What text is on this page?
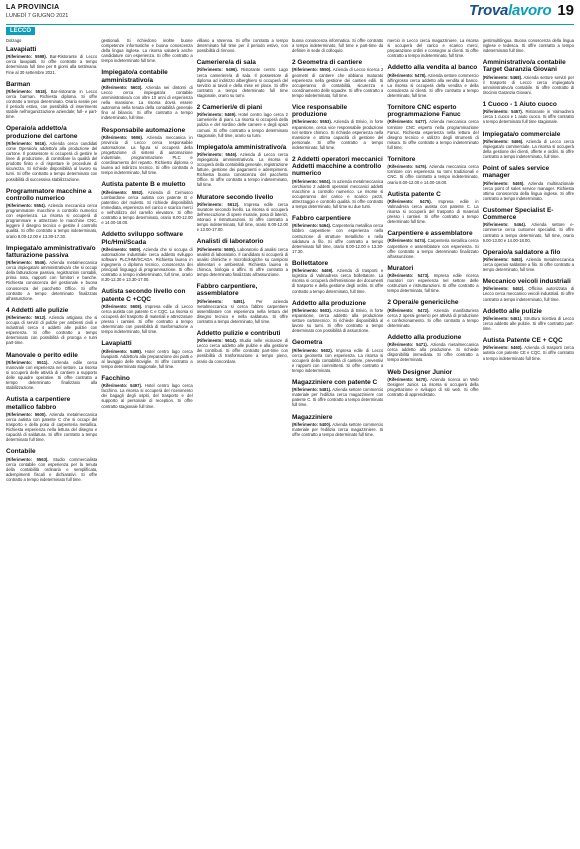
LA PROVINCIA
LUNEDÌ 7 GIUGNO 2021	Trovalavoro 19
LECCO
Dolzago
Lavapiatti
(Riferimento: 5598). Bar-Ristorante di Lecco cerca lavapiatti. Si offre contratto a tempo determinato full time per 8 giorni alla settimana. Fine al 30 settembre 2021.
Barman
(Riferimento: 5518). Bar-ristorante in Lecco cerca barman. Richiesta diploma. Si offre contratto a tempo determinato. Orario serale per il periodo estivo, con possibilità di inserimento stabile nell'organizzazione aziendale; full- e part-time.
Operaio/a addetto/a produzione del cartone
(Riferimento: 5616). Azienda cerca candidati come Operaio/a addetto/a alla produzione del cartone. Il possessore si occuperà di gestire le linee di produzione, di controllare la qualità del prodotto finito e di rispettare le procedure di sicurezza. Si richiede disponibilità al lavoro su turni. Si offre contratto a tempo determinato con possibilità di successiva stabilizzazione.
Programmatore macchine a controllo numerico
(Riferimento: 5554). Azienda meccanica cerca programmatore macchine a controllo numerico con esperienza. La risorsa si occuperà di programmare e attrezzare le macchine CNC, leggere il disegno tecnico e gestire il controllo qualità. Si offre contratto a tempo indeterminato, orario 8.00-12.00 e 13.30-17.30.
Impiegata/o amministrativa/o fatturazione passiva
(Riferimento: 5546). Azienda metalmeccanica cerca impiegata/o amministrativa/o che si occupi della fatturazione passiva, registrazioni contabili, prima nota, rapporti con fornitori e banche. Richiesta conoscenza del gestionale e buona conoscenza del pacchetto Office. Si offre contratto a tempo determinato finalizzato all'assunzione.
4 Addetti alle pulizie
(Riferimento: 5612). Azienda artigiana che si occupa di servizi di pulizie per ambienti civili e industriali cerca 4 addetti alle pulizie con esperienza. Si offre contratto a tempo determinato con possibilità di proroga e turni part-time.
Manovale o perito edile
(Riferimento: 5511). Azienda edile cerca manovale con esperienza nel settore. La risorsa si occuperà delle attività di cantiere a supporto delle squadre operative. Si offre contratto a tempo determinato finalizzato alla stabilizzazione.
Autista a carpentiere metallico fabbro
(Riferimento: 5600). Azienda metalmeccanica cerca autista con patente C che si occupi del trasporto e della posa di carpenteria metallica. Richiesta esperienza nella lettura del disegno e capacità di saldatura. Si offre contratto a tempo determinato full time.
Contabile
(Riferimento: 5563). Studio commercialista cerca contabile con esperienza per la tenuta della contabilità ordinaria e semplificata, adempimenti fiscali e dichiarativi. Si offre contratto a tempo indeterminato full time.
gestionali. Si richiedono inoltre buone competenze informatiche e buona conoscenza della lingua inglese. La risorsa valuterà anche candidature con esperienza. Si offre contratto a tempo indeterminato full time.
Impiegato/a contabile amministrativo/a
(Riferimento: 5603). Azienda nei dintorni di Lecco cerca impiegato/a contabile amministrativo/a con oltre 10 anni di esperienza nella mansione. La risorsa dovrà essere autonoma nella tenuta della contabilità generale fino al bilancio. Si offre contratto a tempo indeterminato, full time.
Responsabile automazione
(Riferimento: 5606). Azienda meccanica in provincia di Lecco cerca responsabile automazione. La figura si occuperà della progettazione di sistemi di automazione industriale, programmazione PLC e coordinamento del reparto. Richiesto diploma o laurea ad indirizzo tecnico. Si offre contratto a tempo indeterminato, full time.
Autista patente B e muletto
(Riferimento: 5552). Azienda di Cernusco Lombardone cerca autista con patente B e patentino del muletto. Si richiede disponibilità immediata, esperienza nel carico e scarico merci e nell'utilizzo del carrello elevatore. Si offre contratto a tempo determinato, orario 8.00-12.00 e 14.00-18.00.
Addetto sviluppo software Plc/Hmi/Scada
(Riferimento: 5609). Azienda che si occupa di automazione industriale cerca addetto sviluppo software PLC/HMI/SCADA. Richiesta laurea in ingegneria o diploma tecnico, conoscenza dei principali linguaggi di programmazione. Si offre contratto a tempo indeterminato, full time, orario 8.30-12.30 e 13.30-17.00.
Autista secondo livello con patente C +CQC
(Riferimento: 5608). Impresa edile di Lecco cerca autista con patente C e CQC. La risorsa si occuperà del trasporto di materiali e attrezzature presso i cantieri. Si offre contratto a tempo determinato con possibilità di trasformazione a tempo indeterminato, full time.
Lavapiatti
(Riferimento: 5498). Hotel centro lago cerca lavapiatti. Addetto/a alla preparazione dei piatti e al lavaggio delle stoviglie. Si offre contratto a tempo determinato stagionale, full time.
Facchino
(Riferimento: 5497). Hotel centro lago cerca facchino. La risorsa si occuperà del ricevimento dei bagagli degli ospiti, del trasporto e del supporto al personale di reception. Si offre contratto stagionale full time.
villiano a Varenna. Si offre contratto a tempo determinato full time per il periodo estivo, con possibilità di rinnovo.
Cameriere/a di sala
(Riferimento: 5496). Ristorante centro Lago cerca cameriere/a di sala. Il possessore di diploma ad indirizzo alberghiero si occuperà del servizio ai tavoli e della mise en place. Si offre contratto a tempo determinato full time stagionale, orario su turni.
2 Camerieri/e di piani
(Riferimento: 5469). Hotel centro lago cerca 2 camerieri/e di piani. La risorsa si occuperà della pulizia e del riordino delle camere e degli spazi comuni. Si offre contratto a tempo determinato stagionale, full time, orario su turni.
Impiegato/a amministrativo/a
(Riferimento: 5546). Azienda di Lecco cerca impiegato/a amministrativo/a. La risorsa si occuperà della contabilità generale, registrazione fatture, gestione dei pagamenti e adempimenti. Richiesta buona conoscenza del pacchetto Office. Si offre contratto a tempo indeterminato, full time.
Muratore secondo livello
(Riferimento: 5612). Impresa edile cerca muratore secondo livello. La risorsa si occuperà dell'esecuzione di opere murarie, posa di laterizi, intonaci e ristrutturazioni. Si offre contratto a tempo indeterminato, full time, orario 8.00-12.00 e 13.00-17.00.
Analisti di laboratorio
(Riferimento: 5605). Laboratorio di analisi cerca analisti di laboratorio. Il candidato si occuperà di analisi chimiche e microbiologiche su campioni alimentari e ambientali. Richiesta laurea in chimica, biologia o affini. Si offre contratto a tempo determinato finalizzato all'assunzione.
Fabbro carpentiere, assemblatore
(Riferimento: 5491).	Per azienda metalmeccanica si cerca fabbro carpentiere assemblatore con esperienza nella lettura del disegno tecnico e nella saldatura. Si offre contratto a tempo determinato, full time.
Addetto pulizie e contributi
(Riferimento: 5614). Studio nelle vicinanze di Lecco cerca addetto alle pulizie e alla gestione dei contributi. Si offre contratto part-time con possibilità di trasformazione a tempo pieno, orario da concordare.
buona conoscenza informatica. Si offre contratto a tempo indeterminato, full time e part-time da definire in sede di colloquio.
2 Geometra di cantiere
(Riferimento: 5550). Azienda di Lecco ricerca 2 geometri di cantiere che abbiano maturato esperienza nella gestione dei cantieri edili. Si occuperanno di contabilità, sicurezza e coordinamento delle squadre. Si offre contratto a tempo indeterminato, full time.
Vice responsabile produzione
(Riferimento: 5553). Azienda di Brivio, in forte espansione, cerca vice responsabile produzione nel settore chimico. Si richiede esperienza nella mansione e ottima capacità di gestione del personale. Si offre contratto a tempo indeterminato, full time.
2 Addetti operatori meccanici Addetti macchine a controllo numerico
(Riferimento: 5604). In azienda metalmeccanica cerchiamo 2 addetti operatori meccanici addetti macchine a controllo numerico. Le risorse si occuperanno del carico e scarico pezzi, attrezzaggio e controllo qualità. Si offre contratto a tempo determinato, full time su due turni.
Fabbro carpentiere
(Riferimento: 5464). Carpenteria metallica cerca fabbro carpentiere con esperienza nella costruzione di strutture metalliche e nella saldatura a filo. Si offre contratto a tempo determinato full time, orario 8.00-12.00 e 13.30-17.30.
Bollettatore
(Riferimento: 5469). Azienda di trasporti e logistica di Valmadrera cerca bollettatore. La risorsa si occuperà dell'emissione dei documenti di trasporto e della gestione degli ordini. Si offre contratto a tempo determinato, full time.
Addetto alla produzione
(Riferimento: 5603). Azienda di Brivio, in forte espansione, cerca addetto alla produzione settore cartotecnico. Si richiede disponibilità al lavoro su turni. Si offre contratto a tempo determinato con possibilità di assunzione.
Geometra
(Riferimento: 5602). Impresa edile di Lecco cerca geometra con esperienza. La risorsa si occuperà della contabilità di cantiere, preventivi e rapporti con committenti. Si offre contratto a tempo indeterminato.
Magazziniere con patente C
(Riferimento: 5481). Azienda settore commercio materiale per l'edilizia cerca magazziniere con patente C. Si offre contratto a tempo determinato full time.
Magazziniere
(Riferimento: 5400). Azienda settore commercio materiale per l'edilizia cerca magazziniere. Si offre contratto a tempo determinato full time.
mercio in Lecco cerca magazziniere. La risorsa si occuperà del carico e scarico merci, preparazione ordini e consegne ai clienti. Si offre contratto a tempo indeterminato, full time.
Addetto alla vendita al banco
(Riferimento: 5478). Azienda settore commercio all'ingrosso cerca addetto alla vendita al banco. La risorsa si occuperà della vendita e della consulenza ai clienti. Si offre contratto a tempo determinato, full time.
Tornitore CNC esperto programmazione Fanuc
(Riferimento: 5477). Azienda meccanica cerca tornitore CNC esperto nella programmazione Fanuc. Richiesta esperienza nella lettura del disegno tecnico e utilizzo degli strumenti di misura. Si offre contratto a tempo indeterminato full time.
Tornitore
(Riferimento: 5476). Azienda meccanica cerca tornitore con esperienza su torni tradizionali e CNC. Si offre contratto a tempo indeterminato, orario 8.00-12.00 e 14.00-18.00.
Autista patente C
(Riferimento: 5475). Impresa edile in Valmadrera cerca autista con patente C. La risorsa si occuperà del trasporto di materiali presso i cantieri. Si offre contratto a tempo determinato full time.
Carpentiere e assemblatore
(Riferimento: 5474). Carpenteria metallica cerca carpentiere e assemblatore con esperienza. Si offre contratto a tempo determinato finalizzato all'assunzione.
Muratori
(Riferimento: 5473). Impresa edile ricerca muratori con esperienza nel settore delle costruzioni e ristrutturazioni. Si offre contratto a tempo determinato, full time.
2 Operai/e generici/che
(Riferimento: 5472). Azienda manifatturiera cerca 2 operai generici per attività di produzione e confezionamento. Si offre contratto a tempo determinato.
Addetto alla produzione
(Riferimento: 5471). Azienda metalmeccanica cerca addetto alla produzione. Si richiede disponibilità immediata. Si offre contratto a tempo determinato.
Web Designer Junior
(Riferimento: 5470). Azienda ricerca un Web Designer Junior. La risorsa si occuperà della progettazione e sviluppo di siti web. Si offre contratto di apprendistato.
gestimultilingua. Buona conoscenza della lingua inglese e tedesca. Si offre contratto a tempo indeterminato full time.
Amministrativo/a contabile Target Garanzia Giovani
(Riferimento: 5468). Azienda settore servizi per il trasporto di Lecco cerca impiegato/a amministrativo/a contabile. Si offre contratto di tirocinio Garanzia Giovani.
1 Cuoco - 1 Aiuto cuoco
(Riferimento: 5467). Ristorante in Valmadrera cerca 1 cuoco e 1 aiuto cuoco. Si offre contratto a tempo determinato full time stagionale.
Impiegata/o commerciale
(Riferimento: 5466). Azienda di Lecco cerca impiegata/o commerciale. La risorsa si occuperà della gestione dei clienti, offerte e ordini. Si offre contratto a tempo indeterminato, full time.
Point of sales service manager
(Riferimento: 5465). Azienda multinazionale cerca point of sales service manager. Richiesta ottima conoscenza della lingua inglese. Si offre contratto a tempo indeterminato.
Customer Specialist E-Commerce
(Riferimento: 5464). Azienda settore e-commerce cerca customer specialist. Si offre contratto a tempo determinato, full time, orario 9.00-13.00 e 14.00-18.00.
Operaio/a saldatore a filo
(Riferimento: 5463). Azienda metalmeccanica cerca operaio saldatore a filo. Si offre contratto a tempo determinato, full time.
Meccanico veicoli industriali
(Riferimento: 5462). Officina autorizzata di Lecco cerca meccanico veicoli industriali. Si offre contratto a tempo indeterminato, full time.
Addetto alle pulizie
(Riferimento: 5461). Struttura ricettiva di Lecco cerca addetto alle pulizie. Si offre contratto part-time.
Autista Patente CE + CQC
(Riferimento: 5460). Azienda di trasporti cerca autista con patente CE e CQC. Si offre contratto a tempo indeterminato full time.
